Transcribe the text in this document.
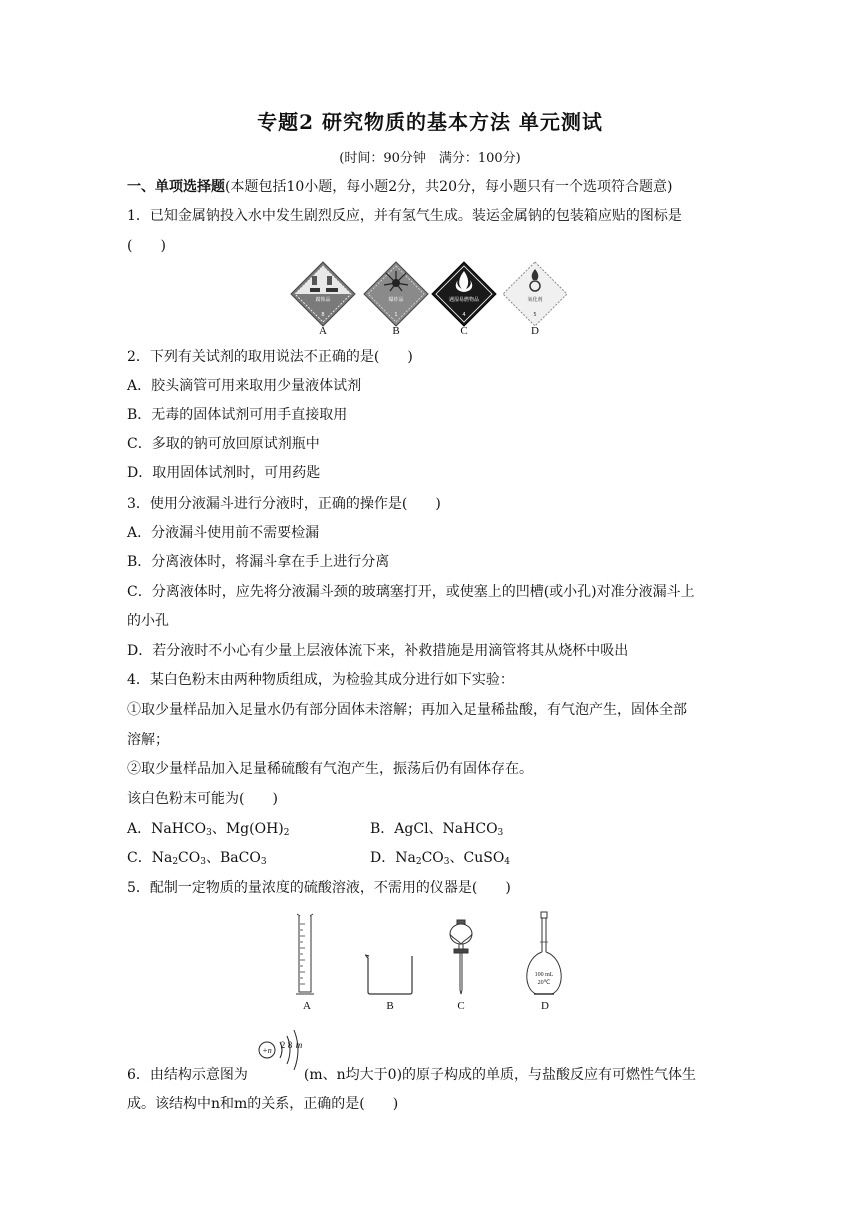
专题2 研究物质的基本方法 单元测试
(时间：90分钟　满分：100分)
一、单项选择题(本题包括10小题，每小题2分，共20分，每小题只有一个选项符合题意)
1．已知金属钠投入水中发生剧烈反应，并有氢气生成。装运金属钠的包装箱应贴的图标是
(　　)
腐蚀品
8
爆炸品
1
遇湿易燃物品
4
氧化剂
5
A	B	C	D
2．下列有关试剂的取用说法不正确的是(　　)
A．胶头滴管可用来取用少量液体试剂
B．无毒的固体试剂可用手直接取用
C．多取的钠可放回原试剂瓶中
D．取用固体试剂时，可用药匙
3．使用分液漏斗进行分液时，正确的操作是(　　)
A．分液漏斗使用前不需要检漏
B．分离液体时，将漏斗拿在手上进行分离
C．分离液体时，应先将分液漏斗颈的玻璃塞打开，或使塞上的凹槽(或小孔)对准分液漏斗上
的小孔
D．若分液时不小心有少量上层液体流下来，补救措施是用滴管将其从烧杯中吸出
4．某白色粉末由两种物质组成，为检验其成分进行如下实验：
①取少量样品加入足量水仍有部分固体未溶解；再加入足量稀盐酸，有气泡产生，固体全部
溶解；
②取少量样品加入足量稀硫酸有气泡产生，振荡后仍有固体存在。
该白色粉末可能为(　　)
A．NaHCO$_3$、$Mg(OH)_2$	B．AgCl、NaHCO$_3$
C．$Na_2CO_3$、BaCO$_3$	D．$Na_2CO_3$、CuSO$_4$
5．配制一定物质的量浓度的硫酸溶液，不需用的仪器是(　　)
100 mL
20℃
A	B	C	D
+n
2 8 m
6．由结构示意图为	(m、n均大于0)的原子构成的单质，与盐酸反应有可燃性气体生
成。该结构中n和m的关系，正确的是(　　)
